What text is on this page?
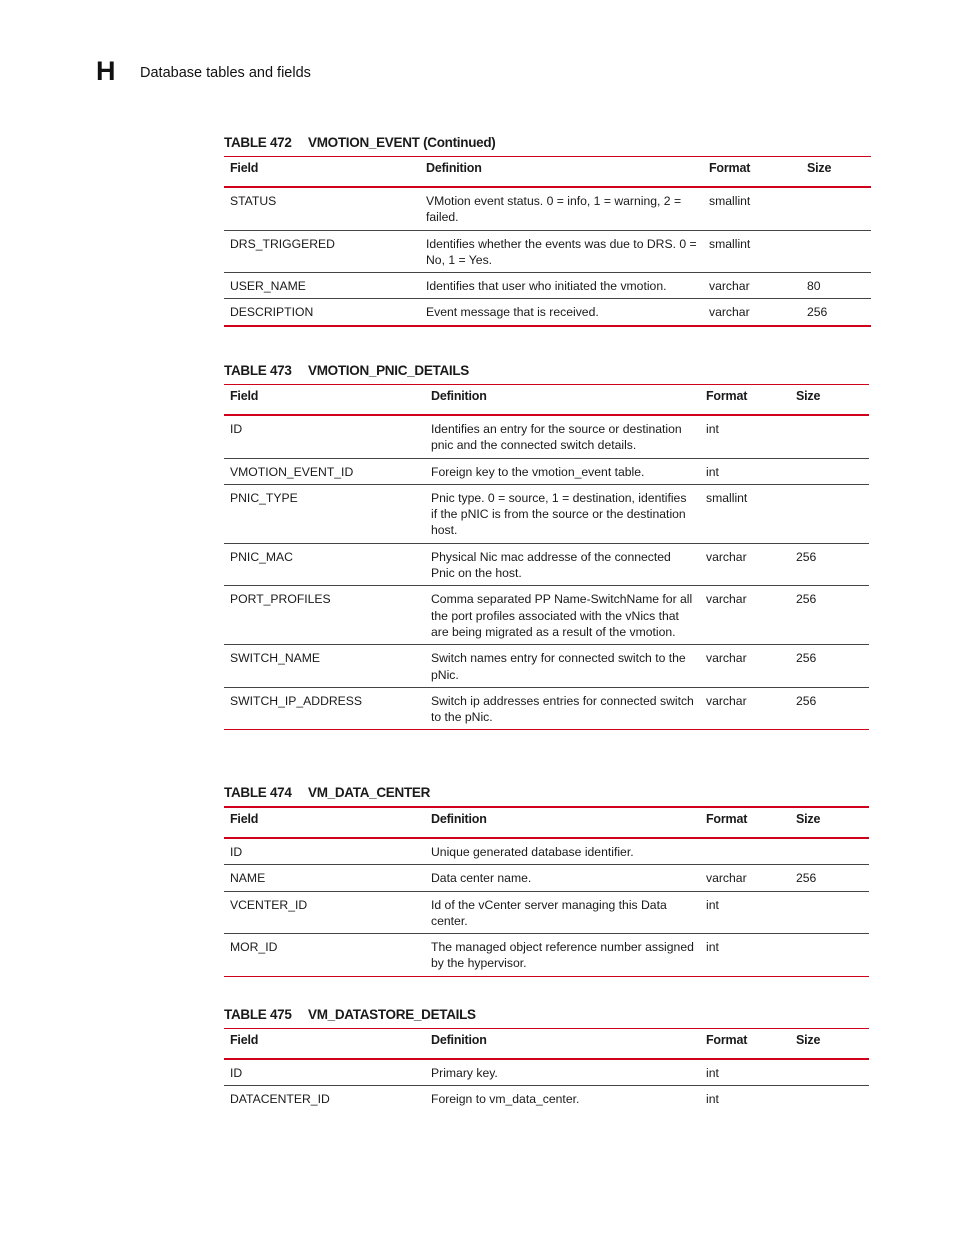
H Database tables and fields
TABLE 472 VMOTION_EVENT (Continued)
Field	Definition	Format	Size
STATUS	VMotion event status. 0 = info, 1 = warning, 2 = failed.	smallint	
DRS_TRIGGERED	Identifies whether the events was due to DRS. 0 = No, 1 = Yes.	smallint	
USER_NAME	Identifies that user who initiated the vmotion.	varchar	80
DESCRIPTION	Event message that is received.	varchar	256
TABLE 473 VMOTION_PNIC_DETAILS
Field	Definition	Format	Size
ID	Identifies an entry for the source or destination pnic and the connected switch details.	int	
VMOTION_EVENT_ID	Foreign key to the vmotion_event table.	int	
PNIC_TYPE	Pnic type. 0 = source, 1 = destination, identifies if the pNIC is from the source or the destination host.	smallint	
PNIC_MAC	Physical Nic mac addresse of the connected Pnic on the host.	varchar	256
PORT_PROFILES	Comma separated PP Name-SwitchName for all the port profiles associated with the vNics that are being migrated as a result of the vmotion.	varchar	256
SWITCH_NAME	Switch names entry for connected switch to the pNic.	varchar	256
SWITCH_IP_ADDRESS	Switch ip addresses entries for connected switch to the pNic.	varchar	256
TABLE 474 VM_DATA_CENTER
Field	Definition	Format	Size
ID	Unique generated database identifier.		
NAME	Data center name.	varchar	256
VCENTER_ID	Id of the vCenter server managing this Data center.	int	
MOR_ID	The managed object reference number assigned by the hypervisor.	int	
TABLE 475 VM_DATASTORE_DETAILS
Field	Definition	Format	Size
ID	Primary key.	int	
DATACENTER_ID	Foreign to vm_data_center.	int	
